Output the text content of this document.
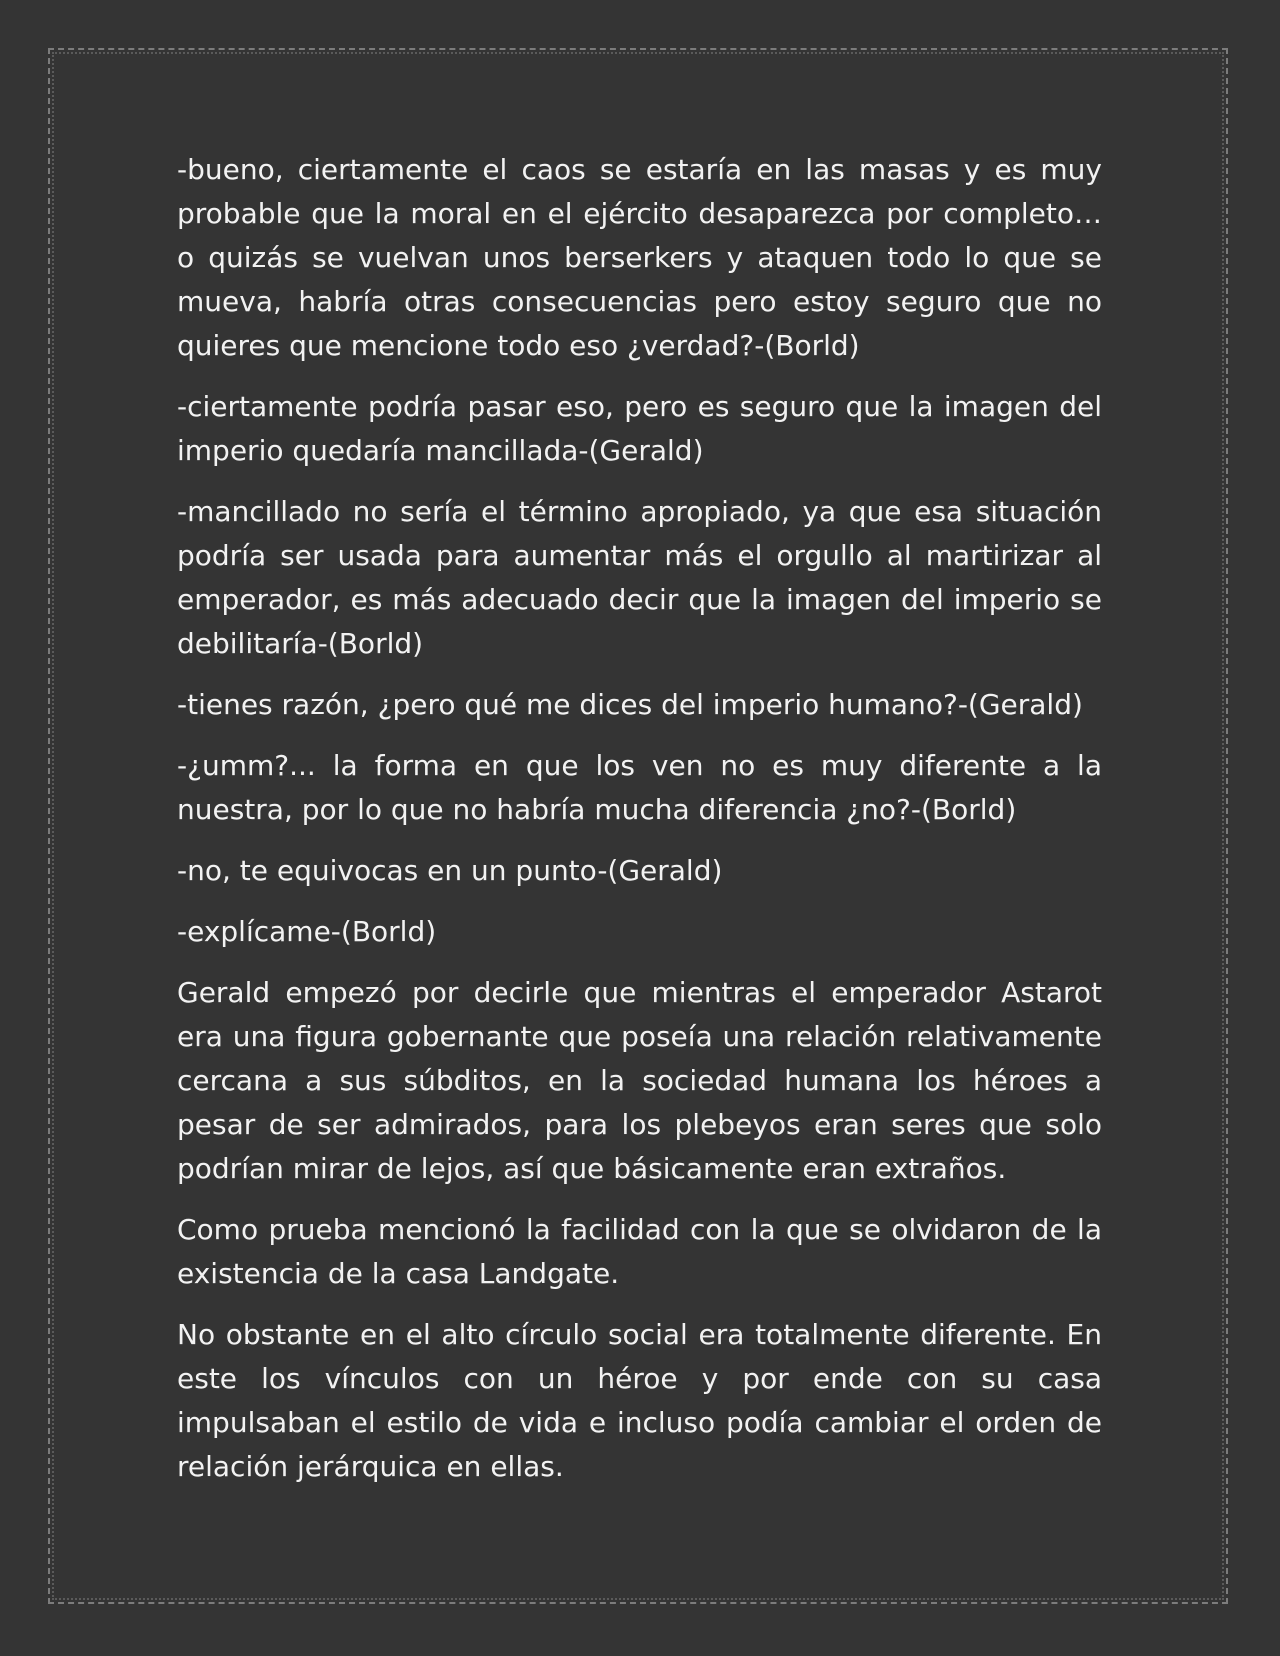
-bueno, ciertamente el caos se estaría en las masas y es muy probable que la moral en el ejército desaparezca por completo… o quizás se vuelvan unos berserkers y ataquen todo lo que se mueva, habría otras consecuencias pero estoy seguro que no quieres que mencione todo eso ¿verdad?-(Borld)

-ciertamente podría pasar eso, pero es seguro que la imagen del imperio quedaría mancillada-(Gerald)

-mancillado no sería el término apropiado, ya que esa situación podría ser usada para aumentar más el orgullo al martirizar al emperador, es más adecuado decir que la imagen del imperio se debilitaría-(Borld)

-tienes razón, ¿pero qué me dices del imperio humano?-(Gerald)

-¿umm?... la forma en que los ven no es muy diferente a la nuestra, por lo que no habría mucha diferencia ¿no?-(Borld)

-no, te equivocas en un punto-(Gerald)

-explícame-(Borld)

Gerald empezó por decirle que mientras el emperador Astarot era una figura gobernante que poseía una relación relativamente cercana a sus súbditos, en la sociedad humana los héroes a pesar de ser admirados, para los plebeyos eran seres que solo podrían mirar de lejos, así que básicamente eran extraños.

Como prueba mencionó la facilidad con la que se olvidaron de la existencia de la casa Landgate.

No obstante en el alto círculo social era totalmente diferente. En este los vínculos con un héroe y por ende con su casa impulsaban el estilo de vida e incluso podía cambiar el orden de relación jerárquica en ellas.
